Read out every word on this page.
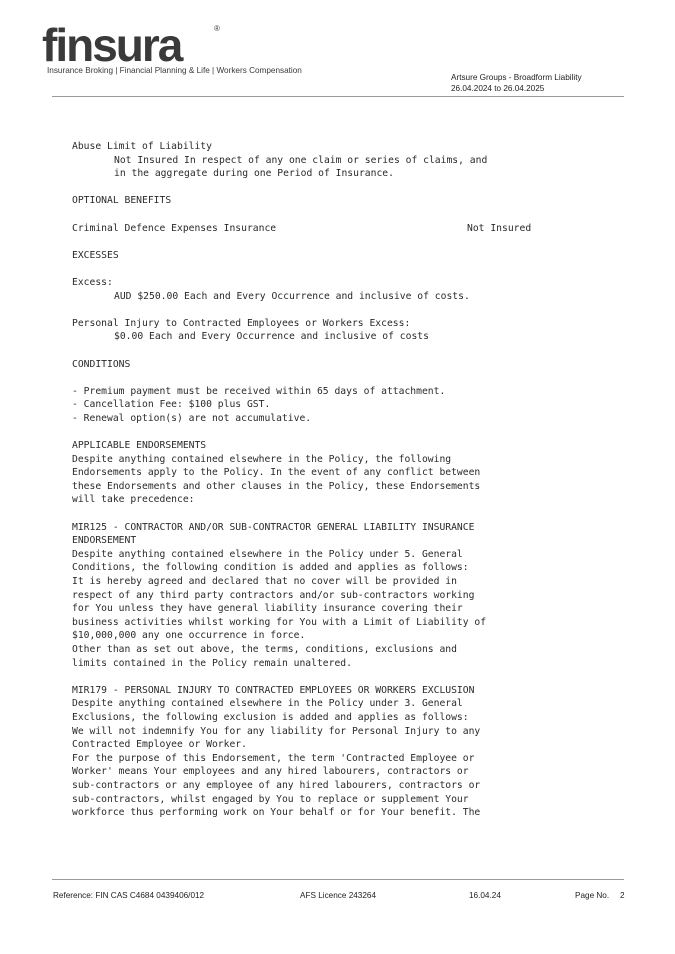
finsura	®
Insurance Broking | Financial Planning & Life | Workers Compensation
Artsure Groups - Broadform Liability
26.04.2024 to 26.04.2025
Abuse Limit of Liability
Not Insured In respect of any one claim or series of claims, and
in the aggregate during one Period of Insurance.
OPTIONAL BENEFITS
Criminal Defence Expenses Insurance	Not Insured
EXCESSES
Excess:
AUD $250.00 Each and Every Occurrence and inclusive of costs.
Personal Injury to Contracted Employees or Workers Excess:
$0.00 Each and Every Occurrence and inclusive of costs
CONDITIONS
- Premium payment must be received within 65 days of attachment.
- Cancellation Fee: $100 plus GST.
- Renewal option(s) are not accumulative.
APPLICABLE ENDORSEMENTS
Despite anything contained elsewhere in the Policy, the following
Endorsements apply to the Policy. In the event of any conflict between
these Endorsements and other clauses in the Policy, these Endorsements
will take precedence:
MIR125 - CONTRACTOR AND/OR SUB-CONTRACTOR GENERAL LIABILITY INSURANCE
ENDORSEMENT
Despite anything contained elsewhere in the Policy under 5. General
Conditions, the following condition is added and applies as follows:
It is hereby agreed and declared that no cover will be provided in
respect of any third party contractors and/or sub-contractors working
for You unless they have general liability insurance covering their
business activities whilst working for You with a Limit of Liability of
$10,000,000 any one occurrence in force.
Other than as set out above, the terms, conditions, exclusions and
limits contained in the Policy remain unaltered.
MIR179 - PERSONAL INJURY TO CONTRACTED EMPLOYEES OR WORKERS EXCLUSION
Despite anything contained elsewhere in the Policy under 3. General
Exclusions, the following exclusion is added and applies as follows:
We will not indemnify You for any liability for Personal Injury to any
Contracted Employee or Worker.
For the purpose of this Endorsement, the term 'Contracted Employee or
Worker' means Your employees and any hired labourers, contractors or
sub-contractors or any employee of any hired labourers, contractors or
sub-contractors, whilst engaged by You to replace or supplement Your
workforce thus performing work on Your behalf or for Your benefit. The
Reference: FIN CAS C4684 0439406/012	AFS Licence 243264	16.04.24	Page No. 2
